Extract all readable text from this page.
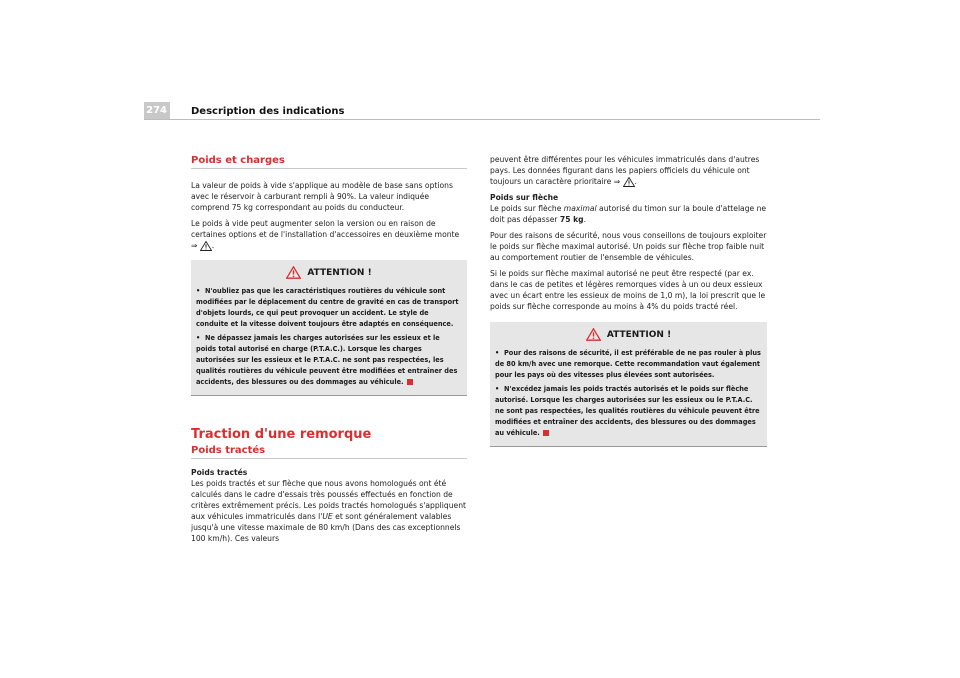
274	Description des indications
Poids et charges

La valeur de poids à vide s'applique au modèle de base sans options avec le réservoir à carburant rempli à 90%. La valeur indiquée comprend 75 kg correspondant au poids du conducteur.

Le poids à vide peut augmenter selon la version ou en raison de certaines options et de l'installation d'accessoires en deuxième monte ⇒ .

ATTENTION !

• N'oubliez pas que les caractéristiques routières du véhicule sont modifiées par le déplacement du centre de gravité en cas de transport d'objets lourds, ce qui peut provoquer un accident. Le style de conduite et la vitesse doivent toujours être adaptés en conséquence.

• Ne dépassez jamais les charges autorisées sur les essieux et le poids total autorisé en charge (P.T.A.C.). Lorsque les charges autorisées sur les essieux et le P.T.A.C. ne sont pas respectées, les qualités routières du véhicule peuvent être modifiées et entraîner des accidents, des blessures ou des dommages au véhicule.

Traction d'une remorque
Poids tractés

Poids tractés

Les poids tractés et sur flèche que nous avons homologués ont été calculés dans le cadre d'essais très poussés effectués en fonction de critères extrêmement précis. Les poids tractés homologués s'appliquent aux véhicules immatriculés dans l'UE et sont généralement valables jusqu'à une vitesse maximale de 80 km/h (Dans des cas exceptionnels 100 km/h). Ces valeurs

peuvent être différentes pour les véhicules immatriculés dans d'autres pays. Les données figurant dans les papiers officiels du véhicule ont toujours un caractère prioritaire ⇒ .

Poids sur flèche

Le poids sur flèche maximal autorisé du timon sur la boule d'attelage ne doit pas dépasser 75 kg.

Pour des raisons de sécurité, nous vous conseillons de toujours exploiter le poids sur flèche maximal autorisé. Un poids sur flèche trop faible nuit au comportement routier de l'ensemble de véhicules.

Si le poids sur flèche maximal autorisé ne peut être respecté (par ex. dans le cas de petites et légères remorques vides à un ou deux essieux avec un écart entre les essieux de moins de 1,0 m), la loi prescrit que le poids sur flèche corresponde au moins à 4% du poids tracté réel.

ATTENTION !

• Pour des raisons de sécurité, il est préférable de ne pas rouler à plus de 80 km/h avec une remorque. Cette recommandation vaut également pour les pays où des vitesses plus élevées sont autorisées.

• N'excédez jamais les poids tractés autorisés et le poids sur flèche autorisé. Lorsque les charges autorisées sur les essieux ou le P.T.A.C. ne sont pas respectées, les qualités routières du véhicule peuvent être modifiées et entraîner des accidents, des blessures ou des dommages au véhicule.
